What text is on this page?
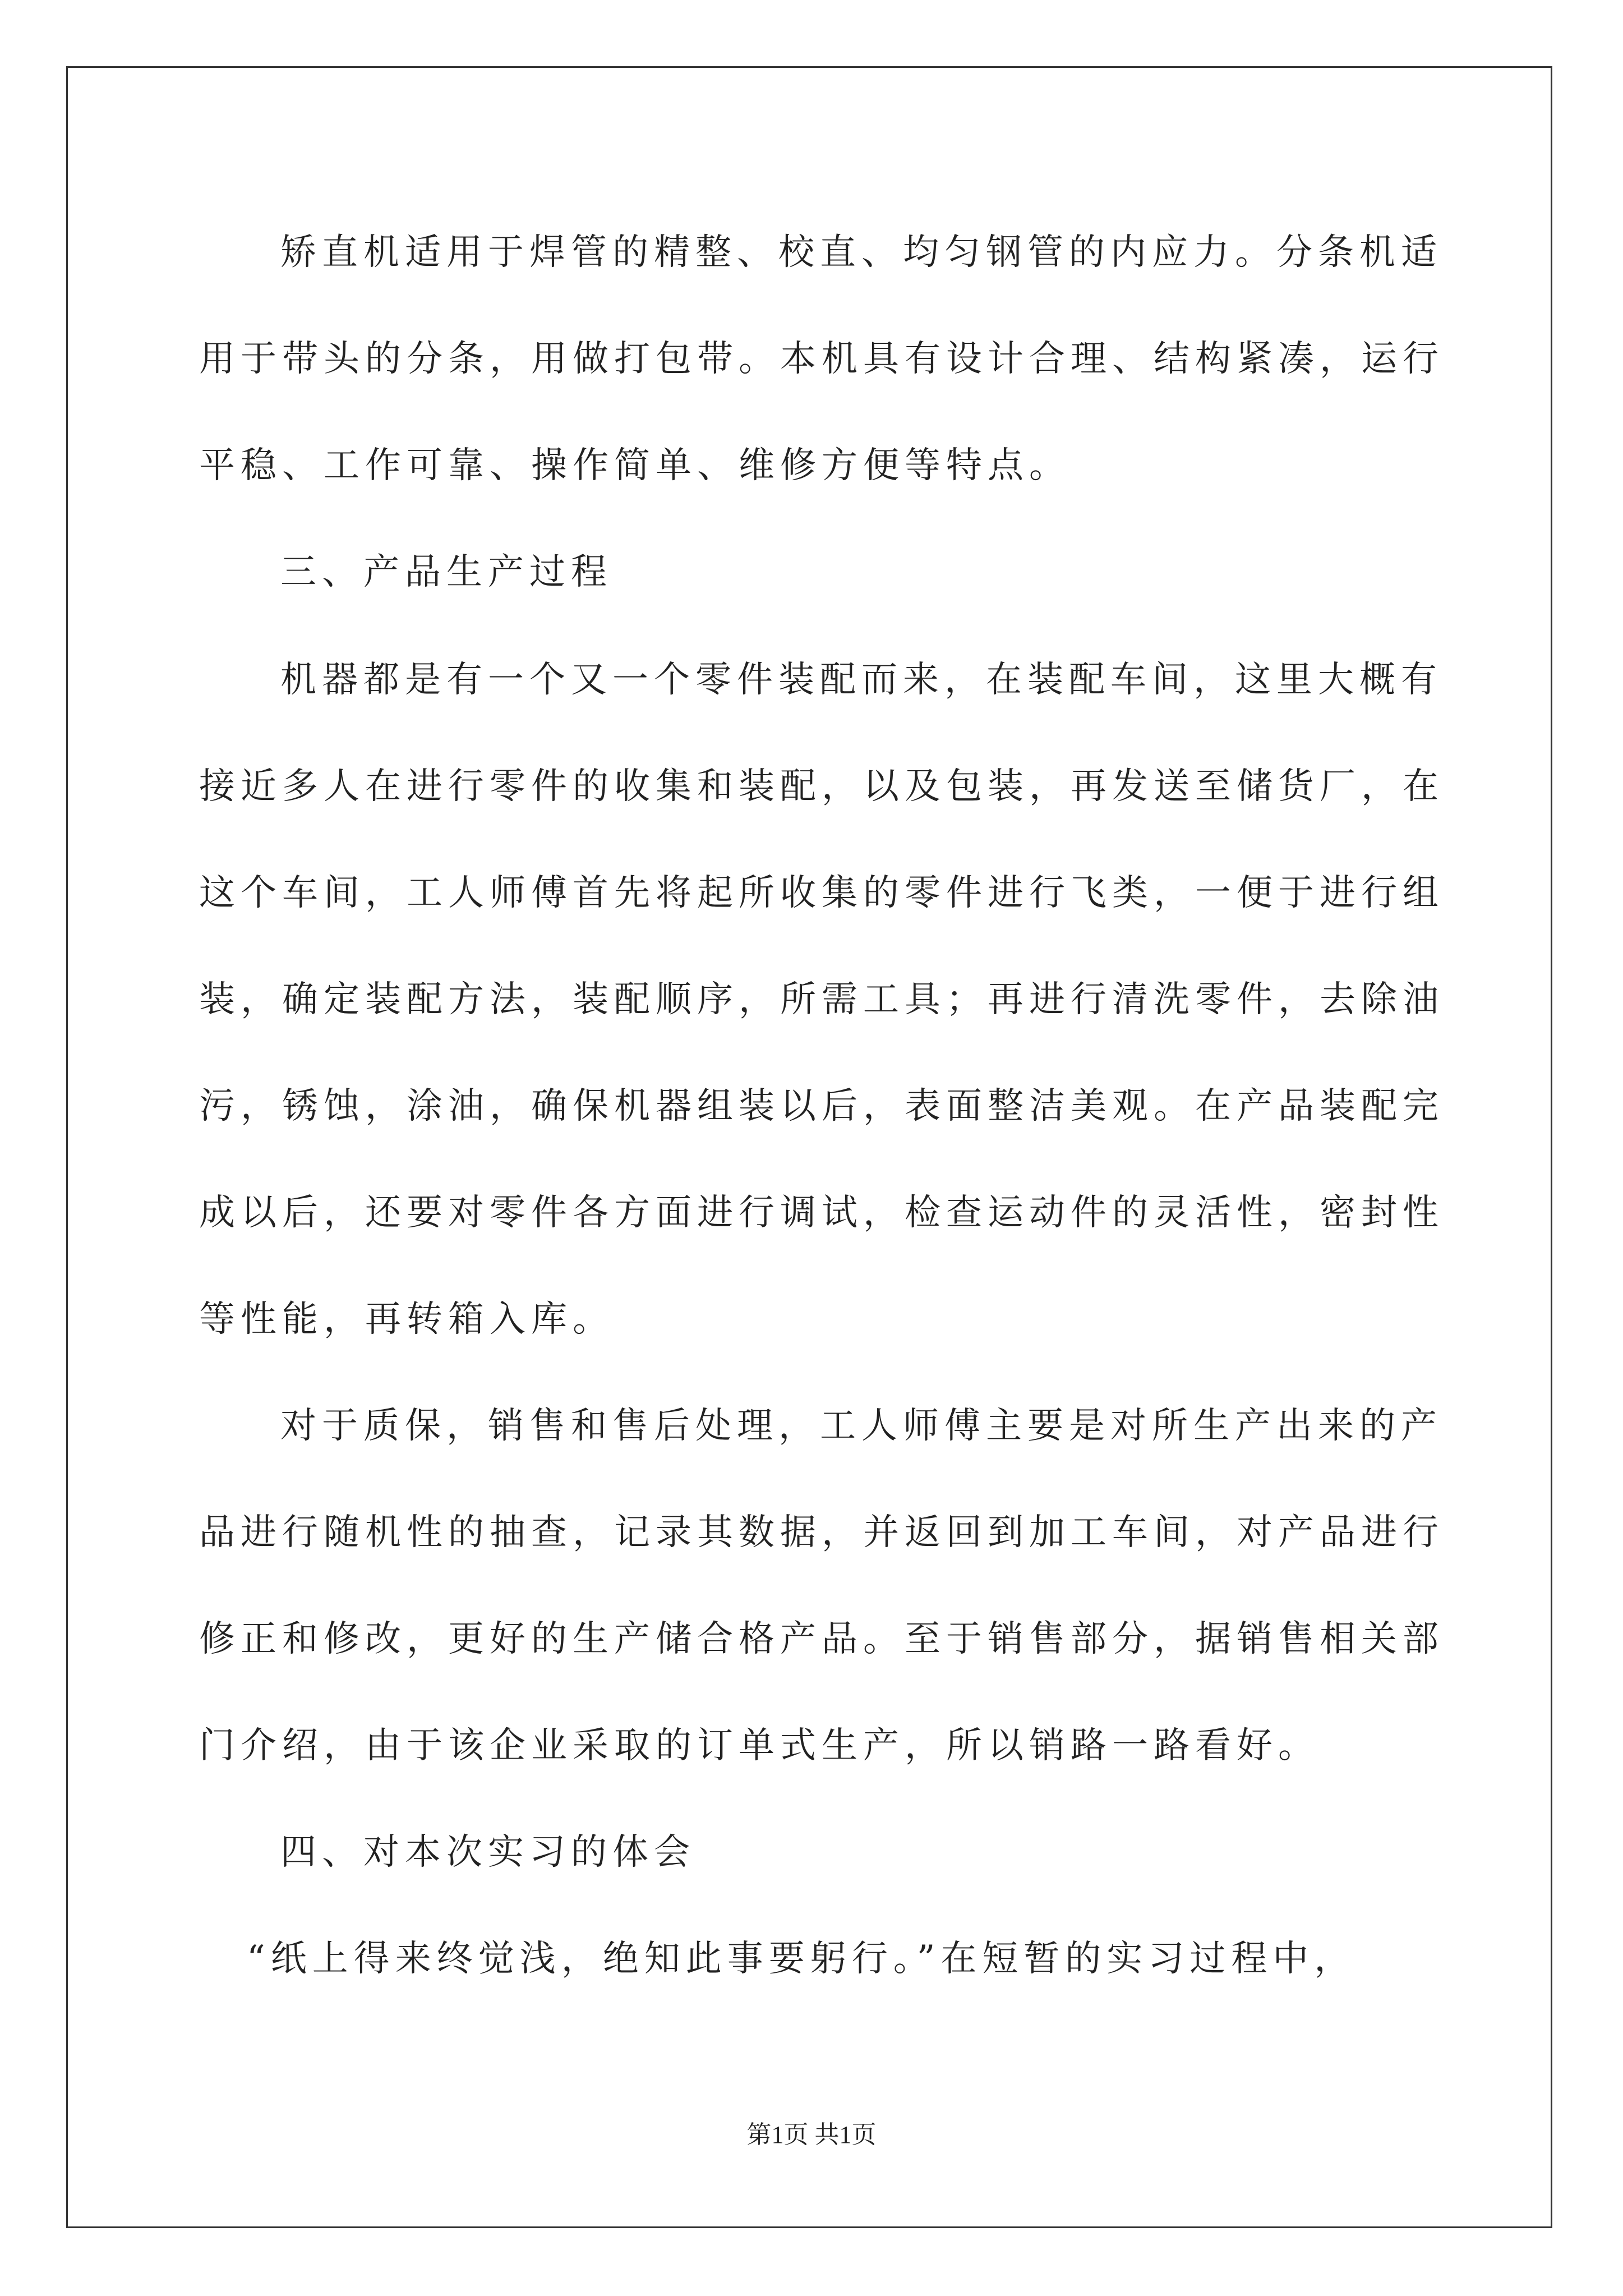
矫直机适用于焊管的精整、校直、均匀钢管的内应力。分条机适
用于带头的分条，用做打包带。本机具有设计合理、结构紧凑，运行
平稳、工作可靠、操作简单、维修方便等特点。
三、产品生产过程
机器都是有一个又一个零件装配而来，在装配车间，这里大概有
接近多人在进行零件的收集和装配，以及包装，再发送至储货厂，在
这个车间，工人师傅首先将起所收集的零件进行飞类，一便于进行组
装，确定装配方法，装配顺序，所需工具；再进行清洗零件，去除油
污，锈蚀，涂油，确保机器组装以后，表面整洁美观。在产品装配完
成以后，还要对零件各方面进行调试，检查运动件的灵活性，密封性
等性能，再转箱入库。
对于质保，销售和售后处理，工人师傅主要是对所生产出来的产
品进行随机性的抽查，记录其数据，并返回到加工车间，对产品进行
修正和修改，更好的生产储合格产品。至于销售部分，据销售相关部
门介绍，由于该企业采取的订单式生产，所以销路一路看好。
四、对本次实习的体会
“纸上得来终觉浅，绝知此事要躬行。”在短暂的实习过程中，
第1页 共1页
